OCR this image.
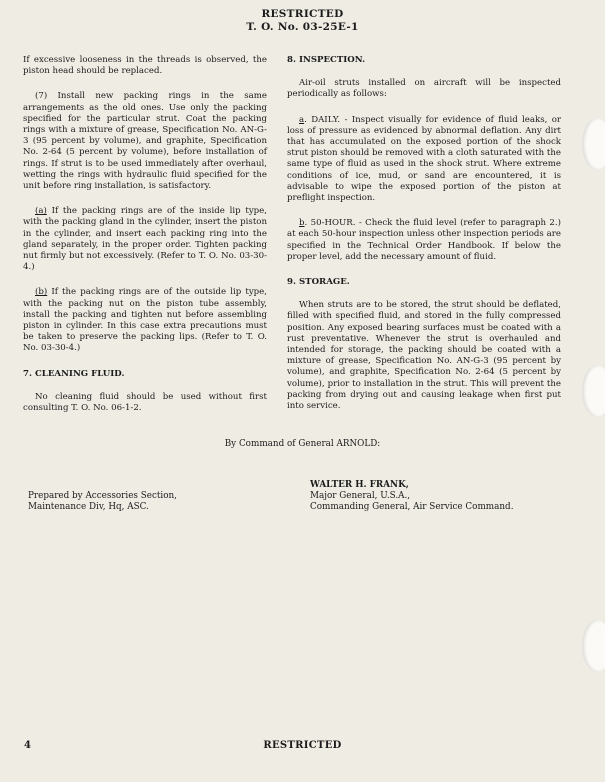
RESTRICTED
T. O. No. 03-25E-1

If excessive looseness in the threads is observed, the piston head should be replaced.

(7) Install new packing rings in the same arrangements as the old ones. Use only the packing specified for the particular strut. Coat the packing rings with a mixture of grease, Specification No. AN-G-3 (95 percent by volume), and graphite, Specification No. 2-64 (5 percent by volume), before installation of rings. If strut is to be used immediately after overhaul, wetting the rings with hydraulic fluid specified for the unit before ring installation, is satisfactory.

(a) If the packing rings are of the inside lip type, with the packing gland in the cylinder, insert the piston in the cylinder, and insert each packing ring into the gland separately, in the proper order. Tighten packing nut firmly but not excessively. (Refer to T. O. No. 03-30-4.)

(b) If the packing rings are of the outside lip type, with the packing nut on the piston tube assembly, install the packing and tighten nut before assembling piston in cylinder. In this case extra precautions must be taken to preserve the packing lips. (Refer to T. O. No. 03-30-4.)

7. CLEANING FLUID.

No cleaning fluid should be used without first consulting T. O. No. 06-1-2.

8. INSPECTION.

Air-oil struts installed on aircraft will be inspected periodically as follows:

a. DAILY. - Inspect visually for evidence of fluid leaks, or loss of pressure as evidenced by abnormal deflation. Any dirt that has accumulated on the exposed portion of the shock strut piston should be removed with a cloth saturated with the same type of fluid as used in the shock strut. Where extreme conditions of ice, mud, or sand are encountered, it is advisable to wipe the exposed portion of the piston at preflight inspection.

b. 50-HOUR. - Check the fluid level (refer to paragraph 2.) at each 50-hour inspection unless other inspection periods are specified in the Technical Order Handbook. If below the proper level, add the necessary amount of fluid.

9. STORAGE.

When struts are to be stored, the strut should be deflated, filled with specified fluid, and stored in the fully compressed position. Any exposed bearing surfaces must be coated with a rust preventative. Whenever the strut is overhauled and intended for storage, the packing should be coated with a mixture of grease, Specification No. AN-G-3 (95 percent by volume), and graphite, Specification No. 2-64 (5 percent by volume), prior to installation in the strut. This will prevent the packing from drying out and causing leakage when first put into service.

By Command of General ARNOLD:
Prepared by Accessories Section,
Maintenance Div, Hq, ASC.
WALTER H. FRANK,
Major General, U.S.A.,
Commanding General, Air Service Command.
4	RESTRICTED
